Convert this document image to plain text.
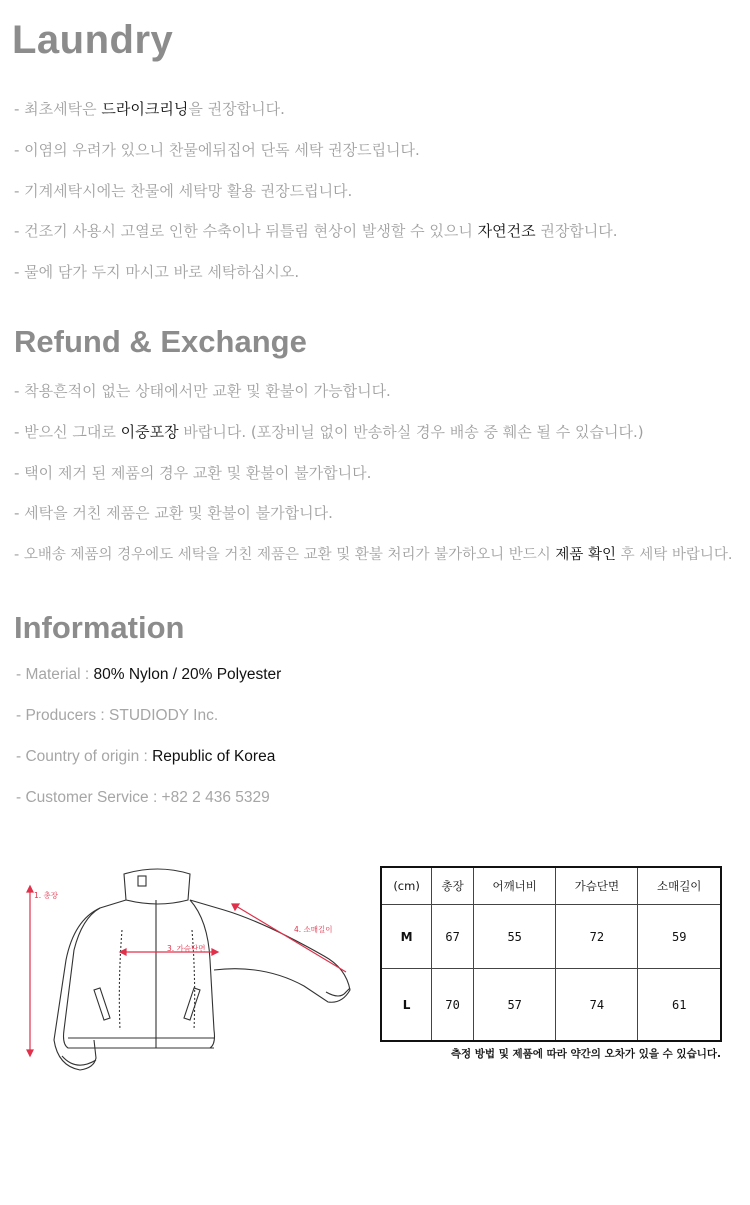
Laundry
- 최초세탁은 드라이크리닝을 권장합니다.
- 이염의 우려가 있으니 찬물에뒤집어 단독 세탁 권장드립니다.
- 기계세탁시에는 찬물에 세탁망 활용 권장드립니다.
- 건조기 사용시 고열로 인한 수축이나 뒤틀림 현상이 발생할 수 있으니 자연건조 권장합니다.
- 물에 담가 두지 마시고 바로 세탁하십시오.
Refund & Exchange
- 착용흔적이 없는 상태에서만 교환 및 환불이 가능합니다.
- 받으신 그대로 이중포장 바랍니다. (포장비닐 없이 반송하실 경우 배송 중 훼손 될 수 있습니다.)
- 택이 제거 된 제품의 경우 교환 및 환불이 불가합니다.
- 세탁을 거친 제품은 교환 및 환불이 불가합니다.
- 오배송 제품의 경우에도 세탁을 거친 제품은 교환 및 환불 처리가 불가하오니 반드시 제품 확인 후 세탁 바랍니다.
Information
- Material : 80% Nylon / 20% Polyester
- Producers : STUDIODY Inc.
- Country of origin : Republic of Korea
- Customer Service : +82 2 436 5329
1. 총장
3. 가슴단면
4. 소매길이
(cm)	총장	어깨너비	가슴단면	소매길이
M	67	55	72	59
L	70	57	74	61
측정 방법 및 제품에 따라 약간의 오차가 있을 수 있습니다.
